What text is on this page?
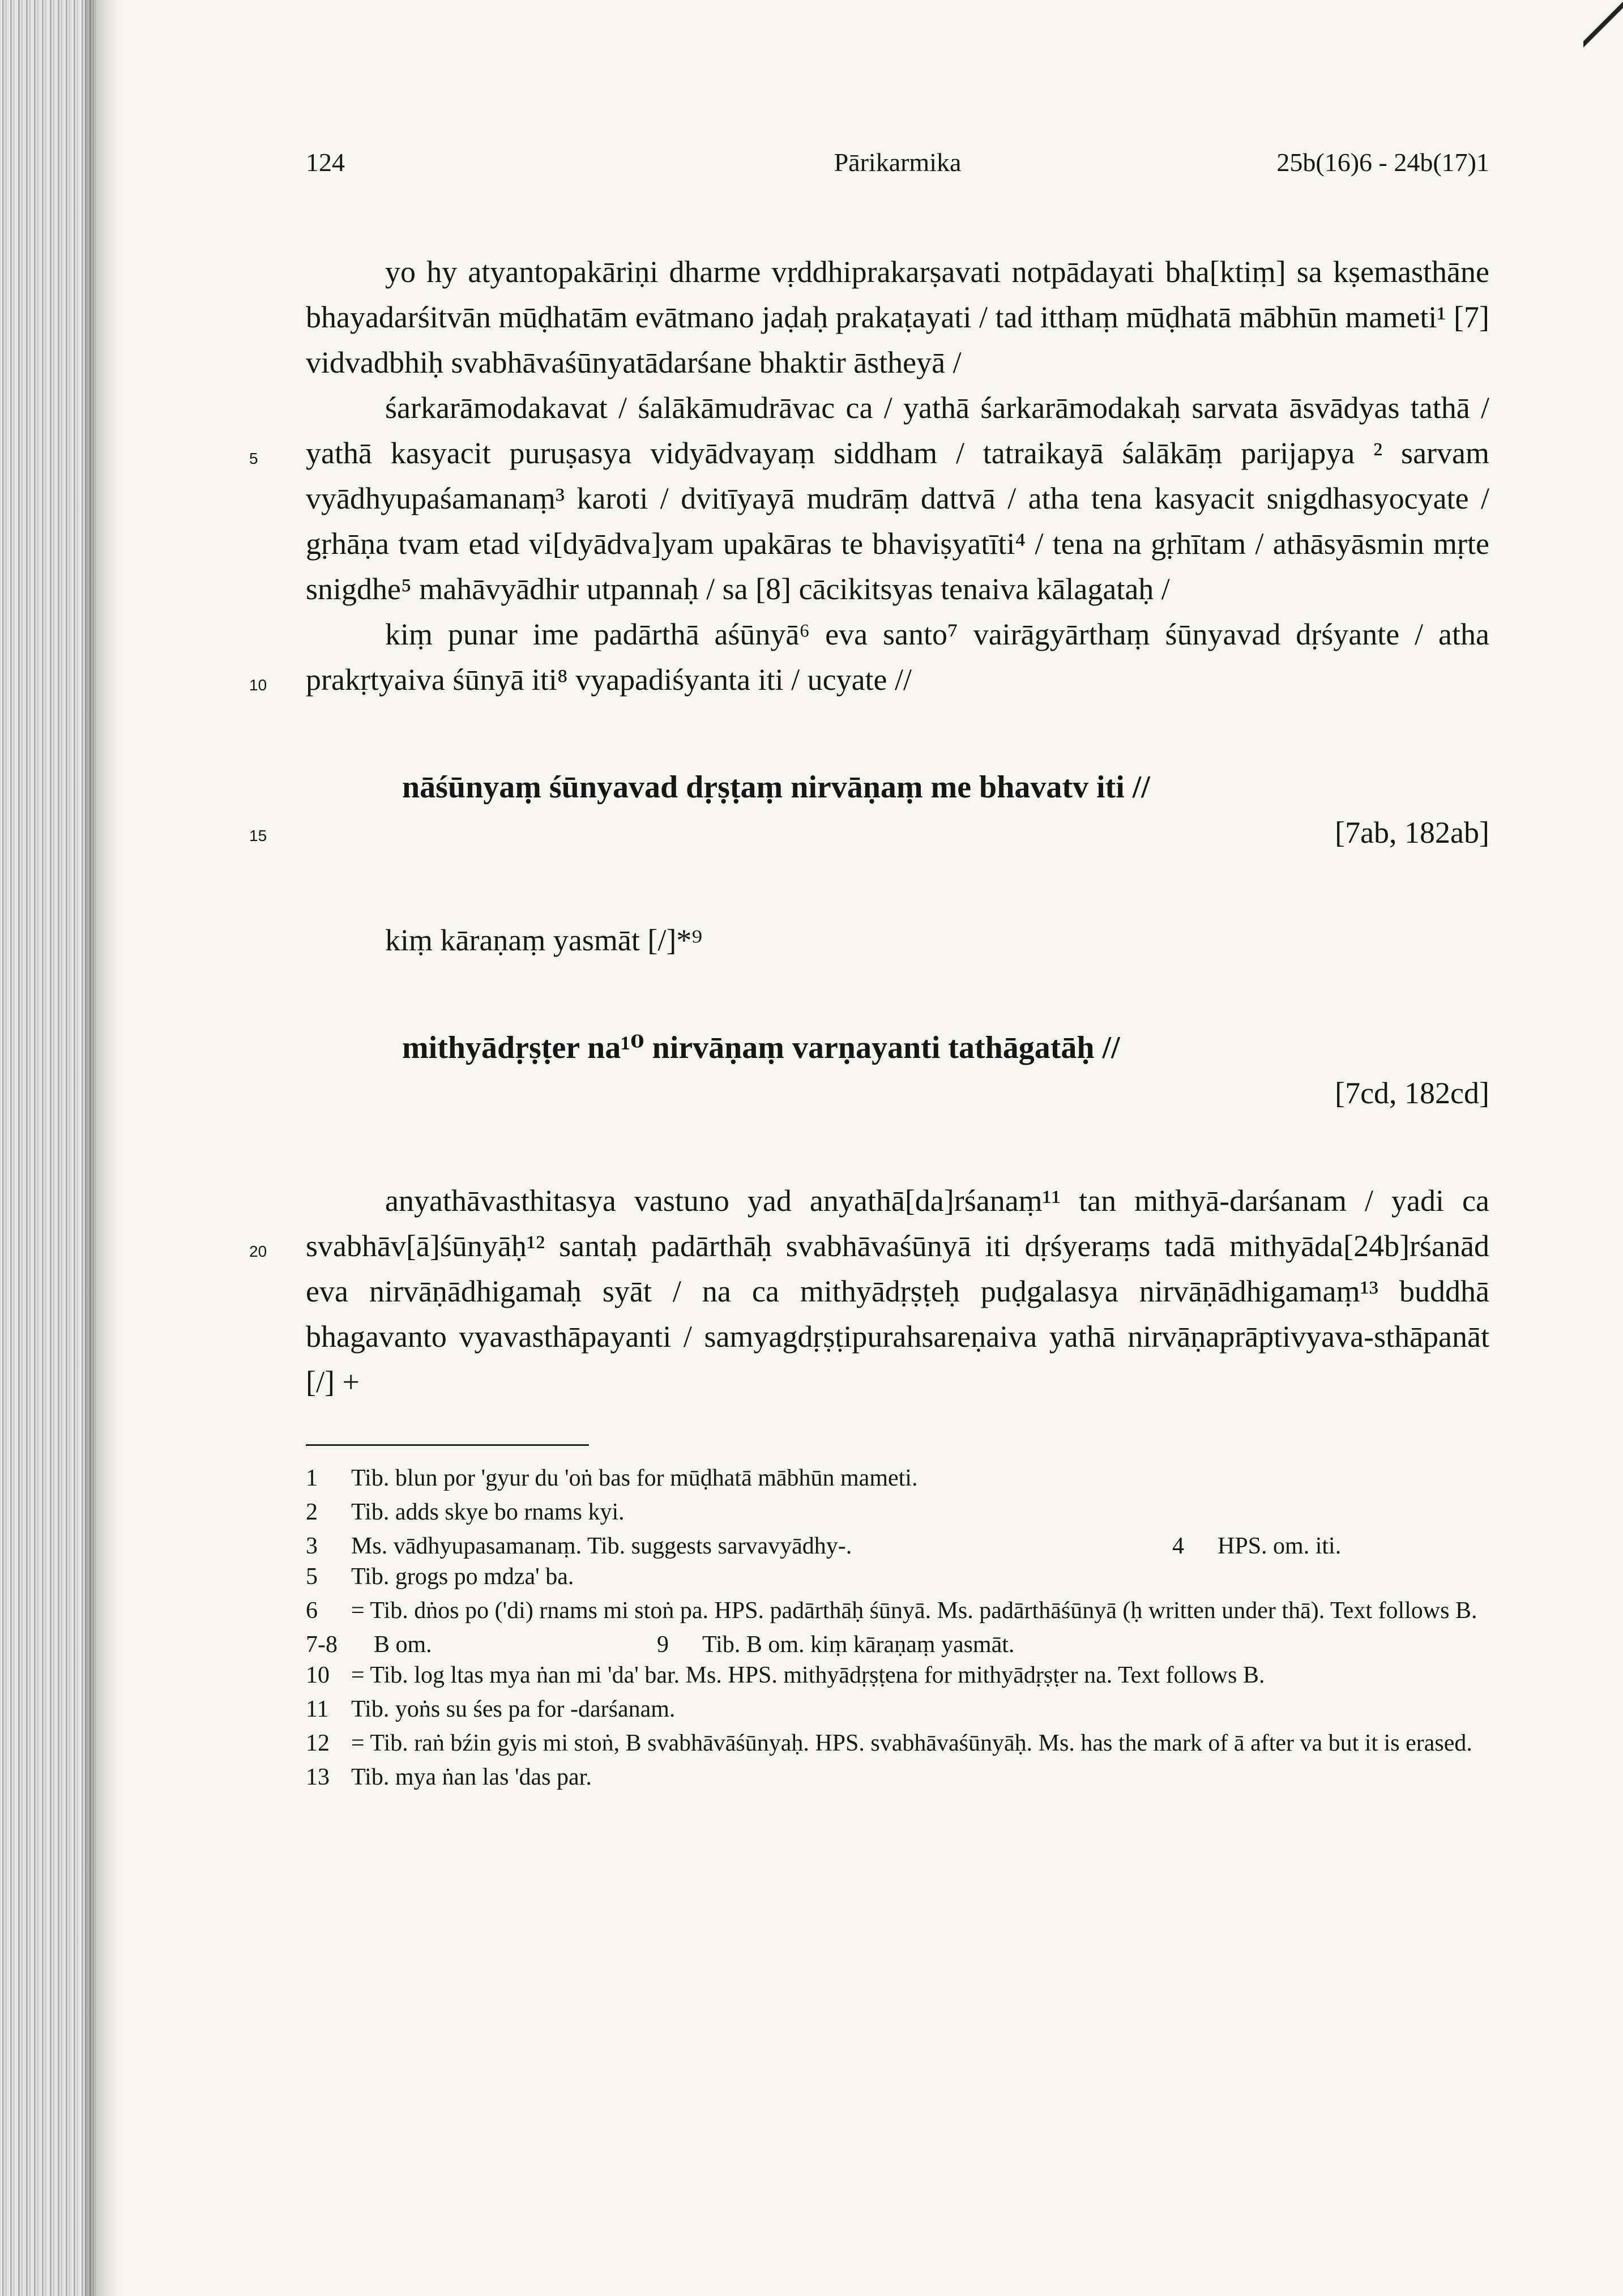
124	Pārikarmika	25b(16)6 - 24b(17)1
5
10

yo hy atyantopakāriṇi dharme vṛddhiprakarṣavati notpādayati bha[ktiṃ] sa kṣemasthāne bhayadarśitvān mūḍhatām evātmano jaḍaḥ prakaṭayati / tad itthaṃ mūḍhatā mābhūn mameti¹ [7] vidvadbhiḥ svabhāvaśūnyatādarśane bhaktir āstheyā /

śarkarāmodakavat / śalākāmudrāvac ca / yathā śarkarāmodakaḥ sarvata āsvādyas tathā / yathā kasyacit puruṣasya vidyādvayaṃ siddham / tatraikayā śalākāṃ parijapya ² sarvam vyādhyupaśamanaṃ³ karoti / dvitīyayā mudrāṃ dattvā / atha tena kasyacit snigdhasyocyate / gṛhāṇa tvam etad vi[dyādva]yam upakāras te bhaviṣyatīti⁴ / tena na gṛhītam / athāsyāsmin mṛte snigdhe⁵ mahāvyādhir utpannaḥ / sa [8] cācikitsyas tenaiva kālagataḥ /

kiṃ punar ime padārthā aśūnyā⁶ eva santo⁷ vairāgyārthaṃ śūnyavad dṛśyante / atha prakṛtyaiva śūnyā iti⁸ vyapadiśyanta iti / ucyate //

15
nāśūnyaṃ śūnyavad dṛṣṭaṃ nirvāṇaṃ me bhavatv iti //
[7ab, 182ab]

kiṃ kāraṇaṃ yasmāt [/]*⁹

mithyādṛṣṭer na¹⁰ nirvāṇaṃ varṇayanti tathāgatāḥ //
[7cd, 182cd]
20

anyathāvasthitasya vastuno yad anyathā[da]rśanaṃ¹¹ tan mithyā-darśanam / yadi ca svabhāv[ā]śūnyāḥ¹² santaḥ padārthāḥ svabhāvaśūnyā iti dṛśyeraṃs tadā mithyāda[24b]rśanād eva nirvāṇādhigamaḥ syāt / na ca mithyādṛṣṭeḥ puḍgalasya nirvāṇādhigamaṃ¹³ buddhā bhagavanto vyavasthāpayanti / samyagdṛṣṭipurahsareṇaiva yathā nirvāṇaprāptivyava-sthāpanāt [/] +

1	Tib. blun por 'gyur du 'oṅ bas for mūḍhatā mābhūn mameti.
2	Tib. adds skye bo rnams kyi.
3	Ms. vādhyupasamanaṃ. Tib. suggests sarvavyādhy-.	4	HPS. om. iti.
5	Tib. grogs po mdza' ba.
6	= Tib. dṅos po ('di) rnams mi stoṅ pa. HPS. padārthāḥ śūnyā. Ms. padārthāśūnyā (ḥ written under thā). Text follows B.
7-8	B om.	9	Tib. B om. kiṃ kāraṇaṃ yasmāt.
10 = Tib. log ltas mya ṅan mi 'da' bar. Ms. HPS. mithyādṛṣṭena for mithyādṛṣṭer na. Text follows B.
11 Tib. yoṅs su śes pa for -darśanam.
12 = Tib. raṅ bźin gyis mi stoṅ, B svabhāvāśūnyaḥ. HPS. svabhāvaśūnyāḥ. Ms. has the mark of ā after va but it is erased.
13 Tib. mya ṅan las 'das par.
